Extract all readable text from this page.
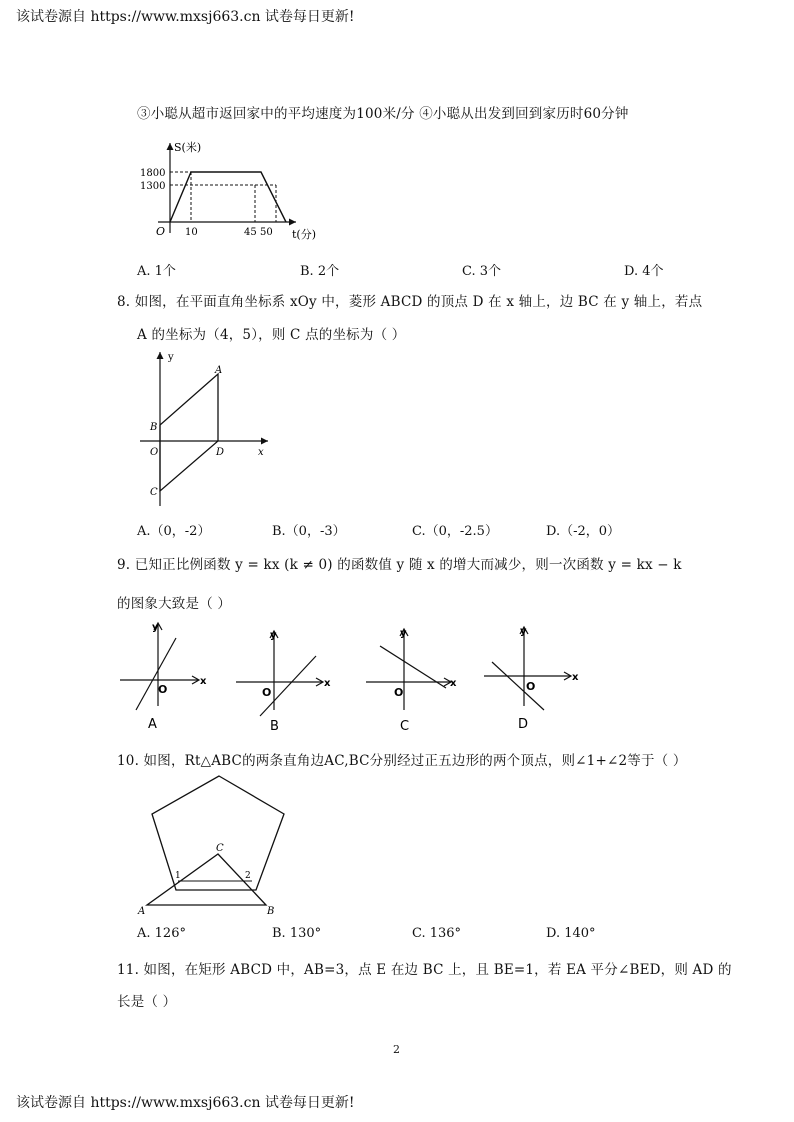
该试卷源自 https://www.mxsj663.cn 试卷每日更新!
该试卷源自 https://www.mxsj663.cn 试卷每日更新!
③小聪从超市返回家中的平均速度为100米/分 ④小聪从出发到回到家历时60分钟
S(米)
1800
1300
O 10	45 50 t(分)
A. 1个	B. 2个	C. 3个	D. 4个
8. 如图，在平面直角坐标系 xOy 中，菱形 ABCD 的顶点 D 在 x 轴上，边 BC 在 y 轴上，若点
A 的坐标为（4，5），则 C 点的坐标为（ ）
y
A
B
O	D	x
C
A.（0，-2）	B.（0，-3）	C.（0，-2.5）	D.（-2，0）
9. 已知正比例函数 y = kx (k ≠ 0) 的函数值 y 随 x 的增大而减少，则一次函数 y = kx − k
的图象大致是（ ）
y
x
O
A
y
x
O
B
y
x
O
C
y
x
O
D
10. 如图，Rt△ABC的两条直角边AC,BC分别经过正五边形的两个顶点，则∠1+∠2等于（ ）
C
1	2
A	B
A. 126°	B. 130°	C. 136°	D. 140°
11. 如图，在矩形 ABCD 中，AB=3，点 E 在边 BC 上，且 BE=1，若 EA 平分∠BED，则 AD 的
长是（ ）
2
